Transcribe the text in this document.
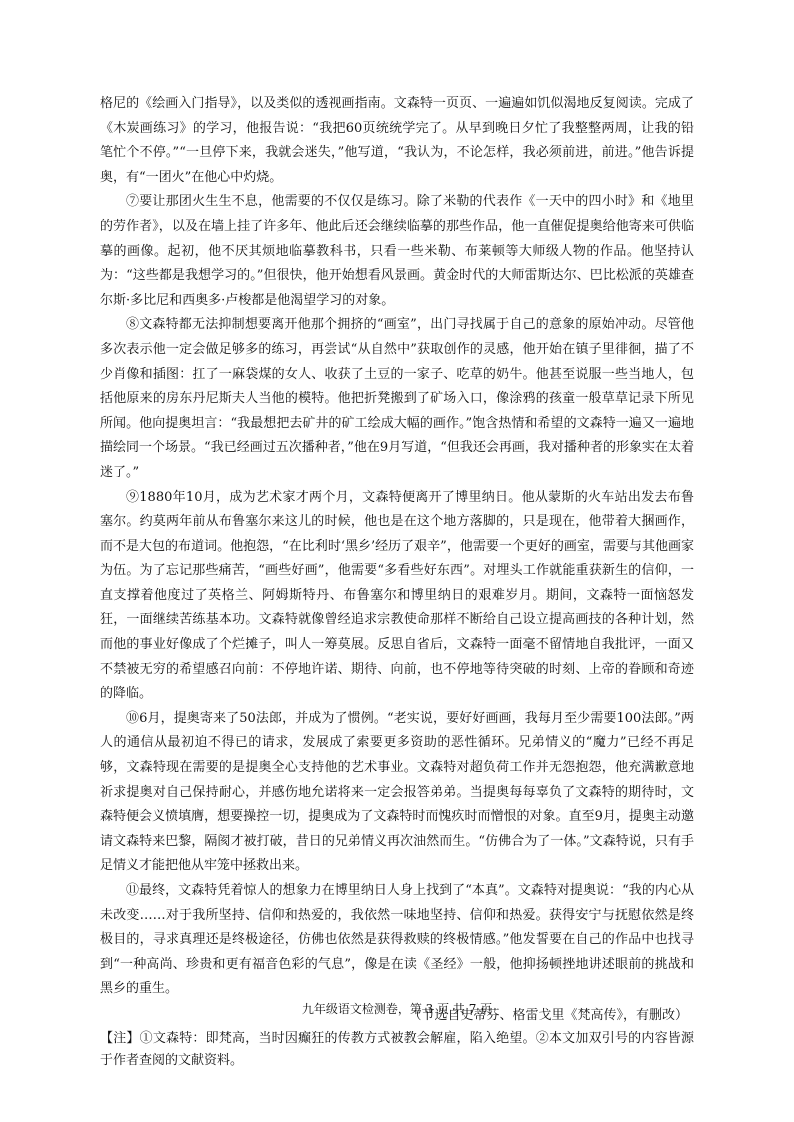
格尼的《绘画入门指导》，以及类似的透视画指南。文森特一页页、一遍遍如饥似渴地反复阅读。完成了《木炭画练习》的学习，他报告说：“我把60页统统学完了。从早到晚日夕忙了我整整两周，让我的铅笔忙个不停。”“一旦停下来，我就会迷失，”他写道，“我认为，不论怎样，我必须前进，前进。”他告诉提奥，有“一团火”在他心中灼烧。

⑦要让那团火生生不息，他需要的不仅仅是练习。除了米勒的代表作《一天中的四小时》和《地里的劳作者》，以及在墙上挂了许多年、他此后还会继续临摹的那些作品，他一直催促提奥给他寄来可供临摹的画像。起初，他不厌其烦地临摹教科书，只看一些米勒、布莱顿等大师级人物的作品。他坚持认为：“这些都是我想学习的。”但很快，他开始想看风景画。黄金时代的大师雷斯达尔、巴比松派的英雄查尔斯·多比尼和西奥多·卢梭都是他渴望学习的对象。

⑧文森特都无法抑制想要离开他那个拥挤的“画室”，出门寻找属于自己的意象的原始冲动。尽管他多次表示他一定会做足够多的练习，再尝试“从自然中”获取创作的灵感，他开始在镇子里徘徊，描了不少肖像和插图：扛了一麻袋煤的女人、收获了土豆的一家子、吃草的奶牛。他甚至说服一些当地人，包括他原来的房东丹尼斯夫人当他的模特。他把折凳搬到了矿场入口，像涂鸦的孩童一般草草记录下所见所闻。他向提奥坦言：“我最想把去矿井的矿工绘成大幅的画作。”饱含热情和希望的文森特一遍又一遍地描绘同一个场景。“我已经画过五次播种者，”他在9月写道，“但我还会再画，我对播种者的形象实在太着迷了。”

⑨1880年10月，成为艺术家才两个月，文森特便离开了博里纳日。他从蒙斯的火车站出发去布鲁塞尔。约莫两年前从布鲁塞尔来这儿的时候，他也是在这个地方落脚的，只是现在，他带着大捆画作，而不是大包的布道词。他抱怨，“在比利时‘黑乡’经历了艰辛”，他需要一个更好的画室，需要与其他画家为伍。为了忘记那些痛苦，“画些好画”，他需要“多看些好东西”。对埋头工作就能重获新生的信仰，一直支撑着他度过了英格兰、阿姆斯特丹、布鲁塞尔和博里纳日的艰难岁月。期间，文森特一面恼怒发狂，一面继续苦练基本功。文森特就像曾经追求宗教使命那样不断给自己设立提高画技的各种计划，然而他的事业好像成了个烂摊子，叫人一筹莫展。反思自省后，文森特一面毫不留情地自我批评，一面又不禁被无穷的希望感召向前：不停地许诺、期待、向前，也不停地等待突破的时刻、上帝的眷顾和奇迹的降临。

⑩6月，提奥寄来了50法郎，并成为了惯例。“老实说，要好好画画，我每月至少需要100法郎。”两人的通信从最初迫不得已的请求，发展成了索要更多资助的恶性循环。兄弟情义的“魔力”已经不再足够，文森特现在需要的是提奥全心支持他的艺术事业。文森特对超负荷工作并无怨抱怨，他充满歉意地祈求提奥对自己保持耐心，并感伤地允诺将来一定会报答弟弟。当提奥每每辜负了文森特的期待时，文森特便会义愤填膺，想要操控一切，提奥成为了文森特时而愧疚时而憎恨的对象。直至9月，提奥主动邀请文森特来巴黎，隔阂才被打破，昔日的兄弟情义再次油然而生。“仿佛合为了一体。”文森特说，只有手足情义才能把他从牢笼中拯救出来。

⑪最终，文森特凭着惊人的想象力在博里纳日人身上找到了“本真”。文森特对提奥说：“我的内心从未改变……对于我所坚持、信仰和热爱的，我依然一味地坚持、信仰和热爱。获得安宁与抚慰依然是终极目的，寻求真理还是终极途径，仿佛也依然是获得救赎的终极情感。”他发誓要在自己的作品中也找寻到“一种高尚、珍贵和更有福音色彩的气息”，像是在读《圣经》一般，他抑扬顿挫地讲述眼前的挑战和黑乡的重生。

（节选自史蒂芬、格雷戈里《梵高传》，有删改）

【注】①文森特：即梵高，当时因癫狂的传教方式被教会解雇，陷入绝望。②本文加双引号的内容皆源于作者查阅的文献资料。

九年级语文检测卷，第 3 页 共 7 页
